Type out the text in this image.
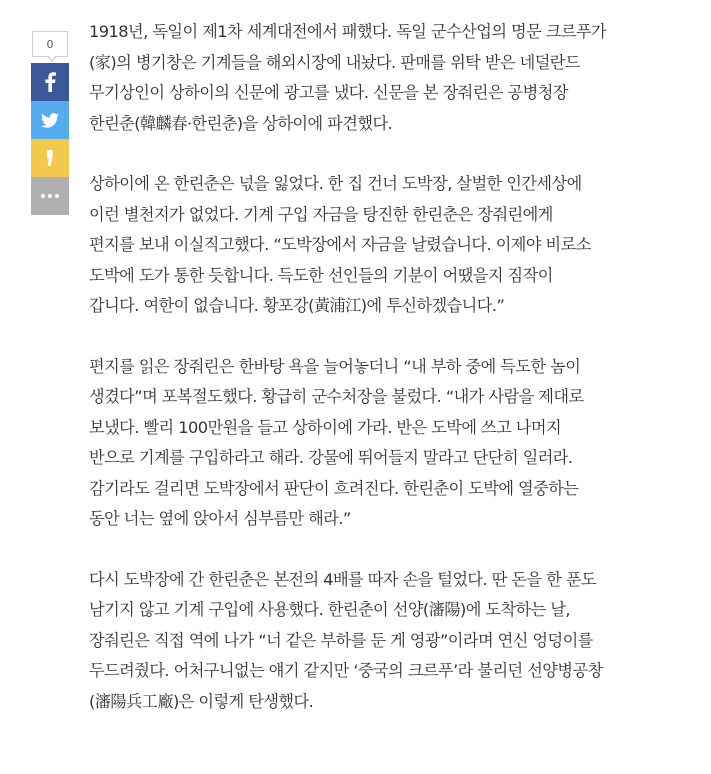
0

1918년, 독일이 제1차 세계대전에서 패했다. 독일 군수산업의 명문 크르푸가
(家)의 병기창은 기계들을 해외시장에 내놨다. 판매를 위탁 받은 네덜란드
무기상인이 상하이의 신문에 광고를 냈다. 신문을 본 장줘린은 공병청장
한린춘(韓麟春·한린춘)을 상하이에 파견했다.

상하이에 온 한린춘은 넋을 잃었다. 한 집 건너 도박장, 살벌한 인간세상에
이런 별천지가 없었다. 기계 구입 자금을 탕진한 한린춘은 장줘린에게
편지를 보내 이실직고했다. “도박장에서 자금을 날렸습니다. 이제야 비로소
도박에 도가 통한 듯합니다. 득도한 선인들의 기분이 어땠을지 짐작이
갑니다. 여한이 없습니다. 황포강(黃浦江)에 투신하겠습니다.”

편지를 읽은 장줘린은 한바탕 욕을 늘어놓더니 “내 부하 중에 득도한 놈이
생겼다”며 포복절도했다. 황급히 군수처장을 불렀다. “내가 사람을 제대로
보냈다. 빨리 100만원을 들고 상하이에 가라. 반은 도박에 쓰고 나머지
반으로 기계를 구입하라고 해라. 강물에 뛰어들지 말라고 단단히 일러라.
감기라도 걸리면 도박장에서 판단이 흐려진다. 한린춘이 도박에 열중하는
동안 너는 옆에 앉아서 심부름만 해라.”

다시 도박장에 간 한린춘은 본전의 4배를 따자 손을 털었다. 딴 돈을 한 푼도
남기지 않고 기계 구입에 사용했다. 한린춘이 선양(瀋陽)에 도착하는 날,
장줘린은 직접 역에 나가 “너 같은 부하를 둔 게 영광”이라며 연신 엉덩이를
두드려줬다. 어처구니없는 얘기 같지만 ‘중국의 크르푸’라 불리던 선양병공창
(瀋陽兵工廠)은 이렇게 탄생했다.
